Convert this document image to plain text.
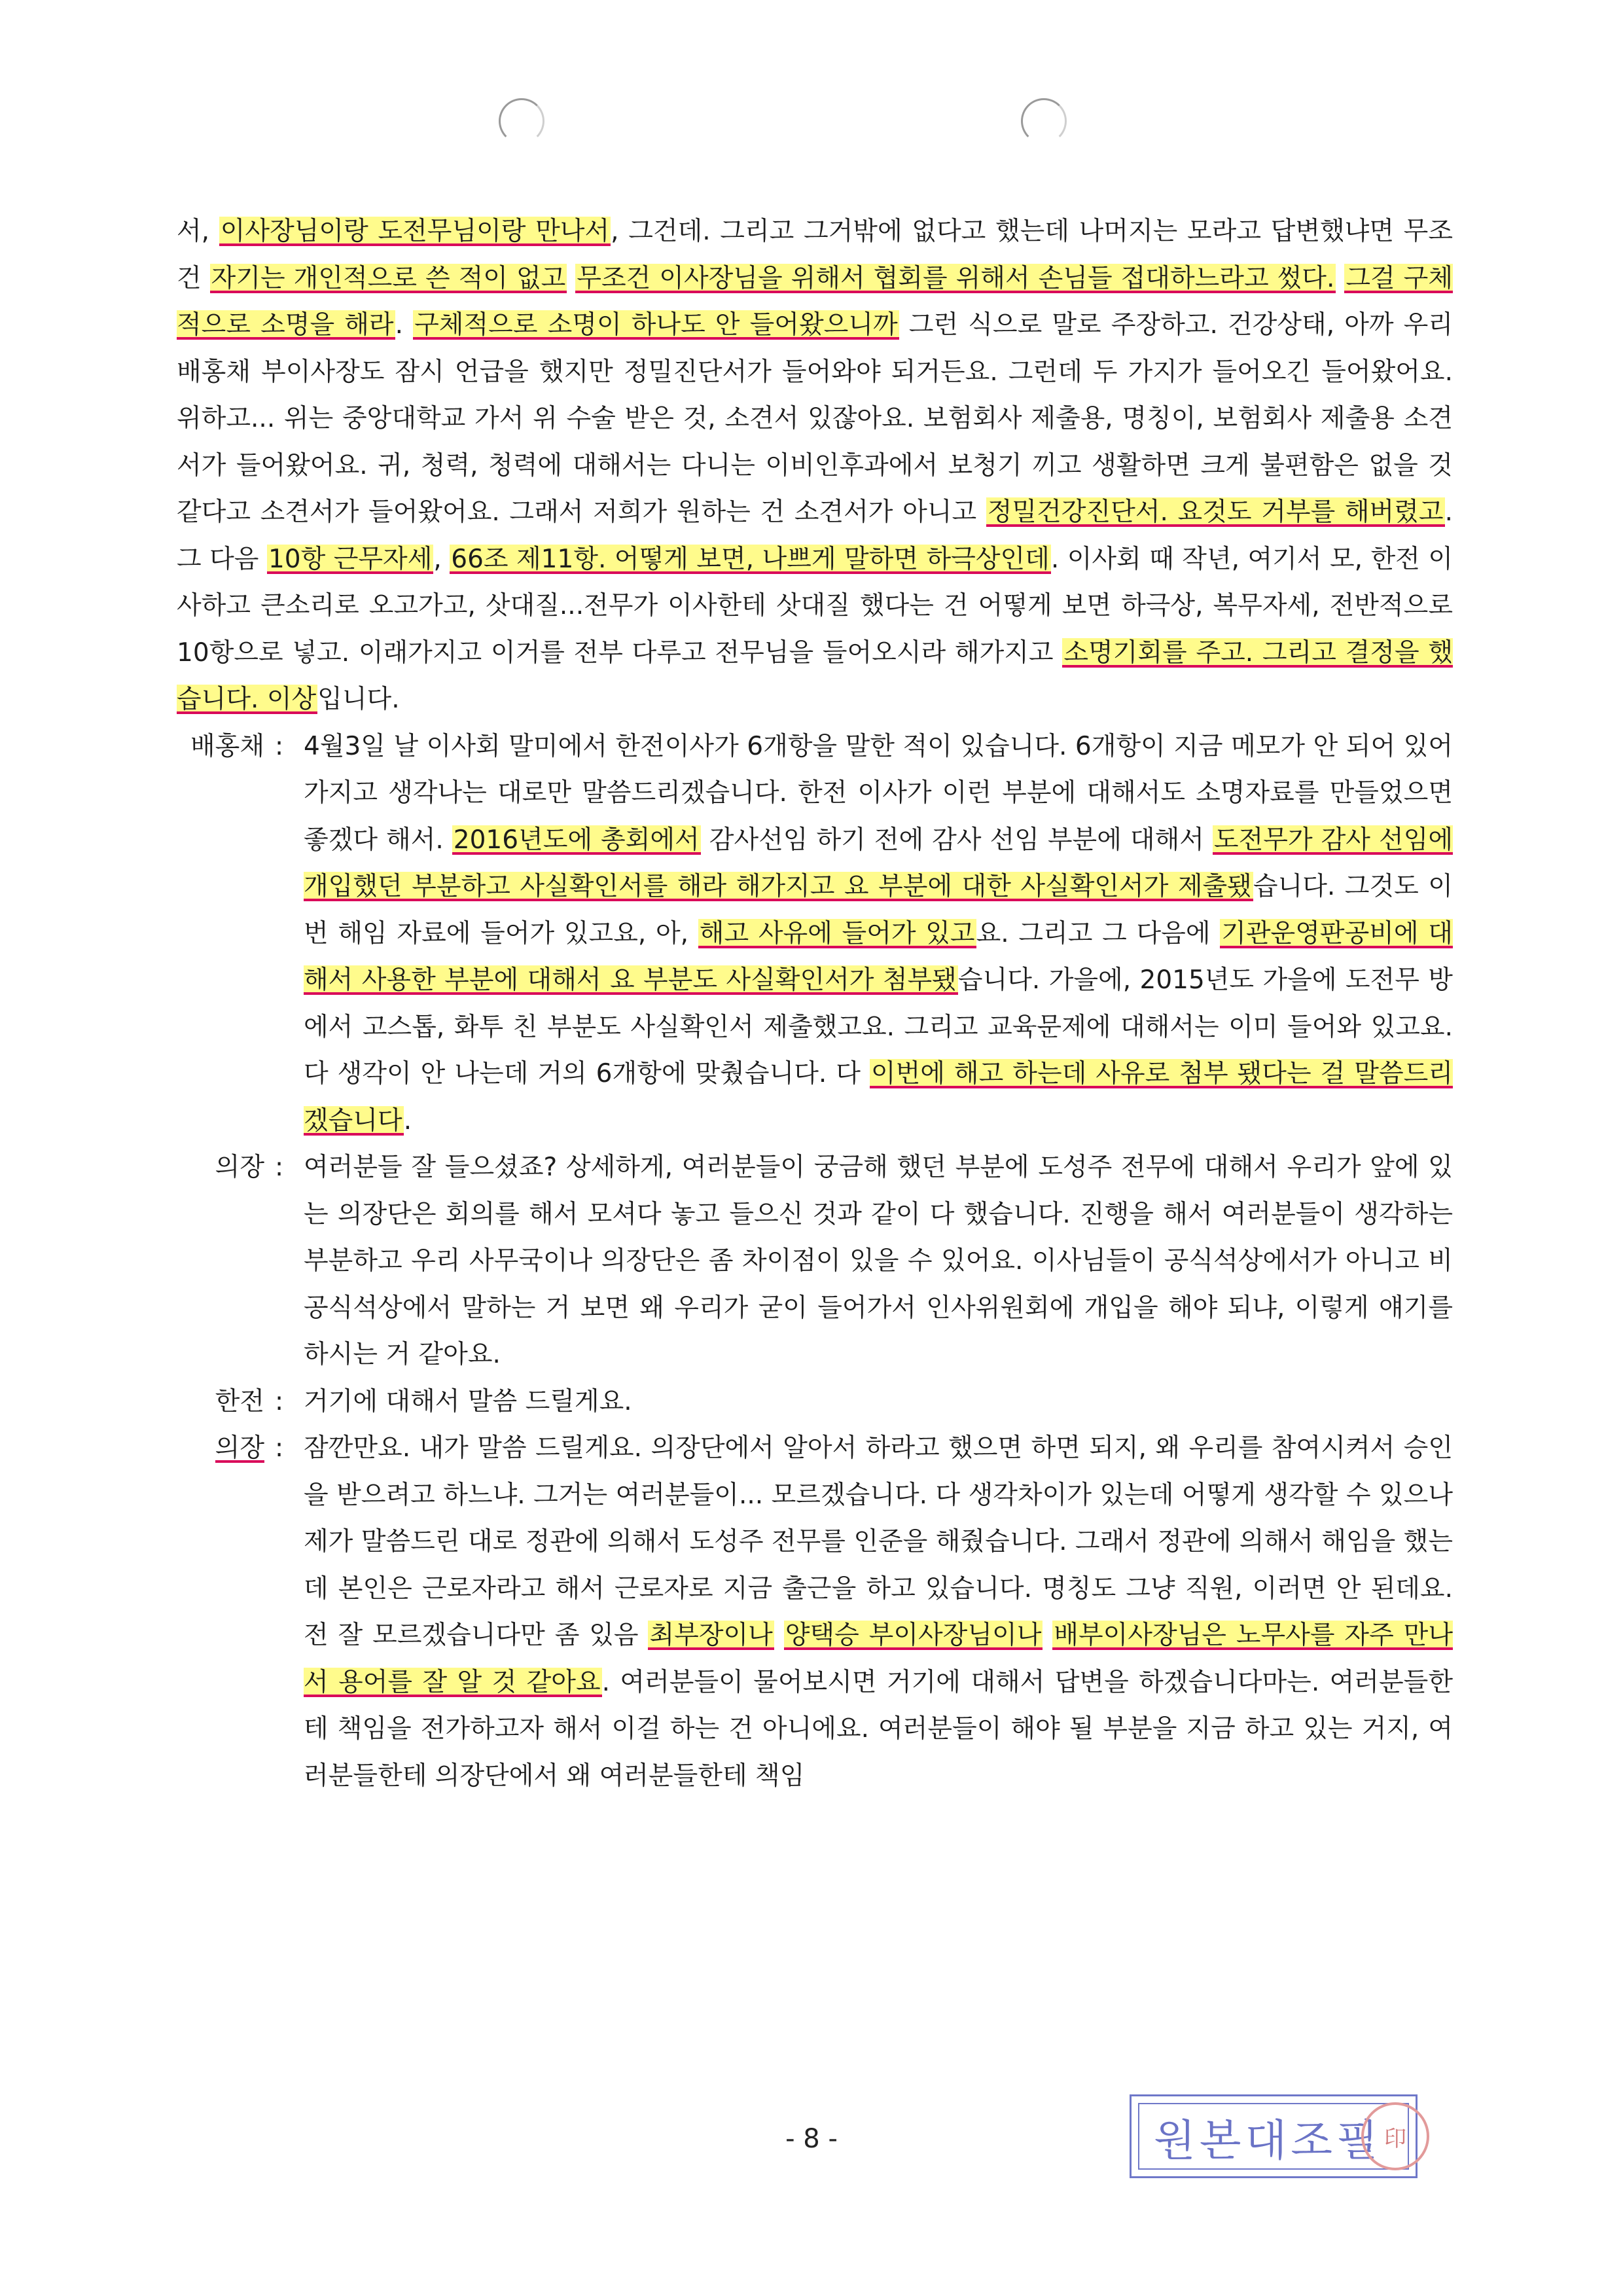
서, 이사장님이랑 도전무님이랑 만나서, 그건데. 그리고 그거밖에 없다고 했는데 나머지는 모라고 답변했냐면 무조건 자기는 개인적으로 쓴 적이 없고 무조건 이사장님을 위해서 협회를 위해서 손님들 접대하느라고 썼다. 그걸 구체적으로 소명을 해라. 구체적으로 소명이 하나도 안 들어왔으니까 그런 식으로 말로 주장하고. 건강상태, 아까 우리 배홍채 부이사장도 잠시 언급을 했지만 정밀진단서가 들어와야 되거든요. 그런데 두 가지가 들어오긴 들어왔어요. 위하고... 위는 중앙대학교 가서 위 수술 받은 것, 소견서 있잖아요. 보험회사 제출용, 명칭이, 보험회사 제출용 소견서가 들어왔어요. 귀, 청력, 청력에 대해서는 다니는 이비인후과에서 보청기 끼고 생활하면 크게 불편함은 없을 것 같다고 소견서가 들어왔어요. 그래서 저희가 원하는 건 소견서가 아니고 정밀건강진단서. 요것도 거부를 해버렸고. 그 다음 10항 근무자세, 66조 제11항. 어떻게 보면, 나쁘게 말하면 하극상인데. 이사회 때 작년, 여기서 모, 한전 이사하고 큰소리로 오고가고, 삿대질...전무가 이사한테 삿대질 했다는 건 어떻게 보면 하극상, 복무자세, 전반적으로 10항으로 넣고. 이래가지고 이거를 전부 다루고 전무님을 들어오시라 해가지고 소명기회를 주고. 그리고 결정을 했습니다. 이상입니다.

배홍채 : 4월3일 날 이사회 말미에서 한전이사가 6개항을 말한 적이 있습니다. 6개항이 지금 메모가 안 되어 있어가지고 생각나는 대로만 말씀드리겠습니다. 한전 이사가 이런 부분에 대해서도 소명자료를 만들었으면 좋겠다 해서. 2016년도에 총회에서 감사선임 하기 전에 감사 선임 부분에 대해서 도전무가 감사 선임에 개입했던 부분하고 사실확인서를 해라 해가지고 요 부분에 대한 사실확인서가 제출됐습니다. 그것도 이번 해임 자료에 들어가 있고요, 아, 해고 사유에 들어가 있고요. 그리고 그 다음에 기관운영판공비에 대해서 사용한 부분에 대해서 요 부분도 사실확인서가 첨부됐습니다. 가을에, 2015년도 가을에 도전무 방에서 고스톱, 화투 친 부분도 사실확인서 제출했고요. 그리고 교육문제에 대해서는 이미 들어와 있고요. 다 생각이 안 나는데 거의 6개항에 맞췄습니다. 다 이번에 해고 하는데 사유로 첨부 됐다는 걸 말씀드리겠습니다.
의장 : 여러분들 잘 들으셨죠? 상세하게, 여러분들이 궁금해 했던 부분에 도성주 전무에 대해서 우리가 앞에 있는 의장단은 회의를 해서 모셔다 놓고 들으신 것과 같이 다 했습니다. 진행을 해서 여러분들이 생각하는 부분하고 우리 사무국이나 의장단은 좀 차이점이 있을 수 있어요. 이사님들이 공식석상에서가 아니고 비공식석상에서 말하는 거 보면 왜 우리가 굳이 들어가서 인사위원회에 개입을 해야 되냐, 이렇게 얘기를 하시는 거 같아요.
한전 : 거기에 대해서 말씀 드릴게요.
의장 : 잠깐만요. 내가 말씀 드릴게요. 의장단에서 알아서 하라고 했으면 하면 되지, 왜 우리를 참여시켜서 승인을 받으려고 하느냐. 그거는 여러분들이... 모르겠습니다. 다 생각차이가 있는데 어떻게 생각할 수 있으나 제가 말씀드린 대로 정관에 의해서 도성주 전무를 인준을 해줬습니다. 그래서 정관에 의해서 해임을 했는데 본인은 근로자라고 해서 근로자로 지금 출근을 하고 있습니다. 명칭도 그냥 직원, 이러면 안 된데요. 전 잘 모르겠습니다만 좀 있음 최부장이나 양택승 부이사장님이나 배부이사장님은 노무사를 자주 만나서 용어를 잘 알 것 같아요. 여러분들이 물어보시면 거기에 대해서 답변을 하겠습니다마는. 여러분들한테 책임을 전가하고자 해서 이걸 하는 건 아니에요. 여러분들이 해야 될 부분을 지금 하고 있는 거지, 여러분들한테 의장단에서 왜 여러분들한테 책임
- 8 -	원본대조필 印
